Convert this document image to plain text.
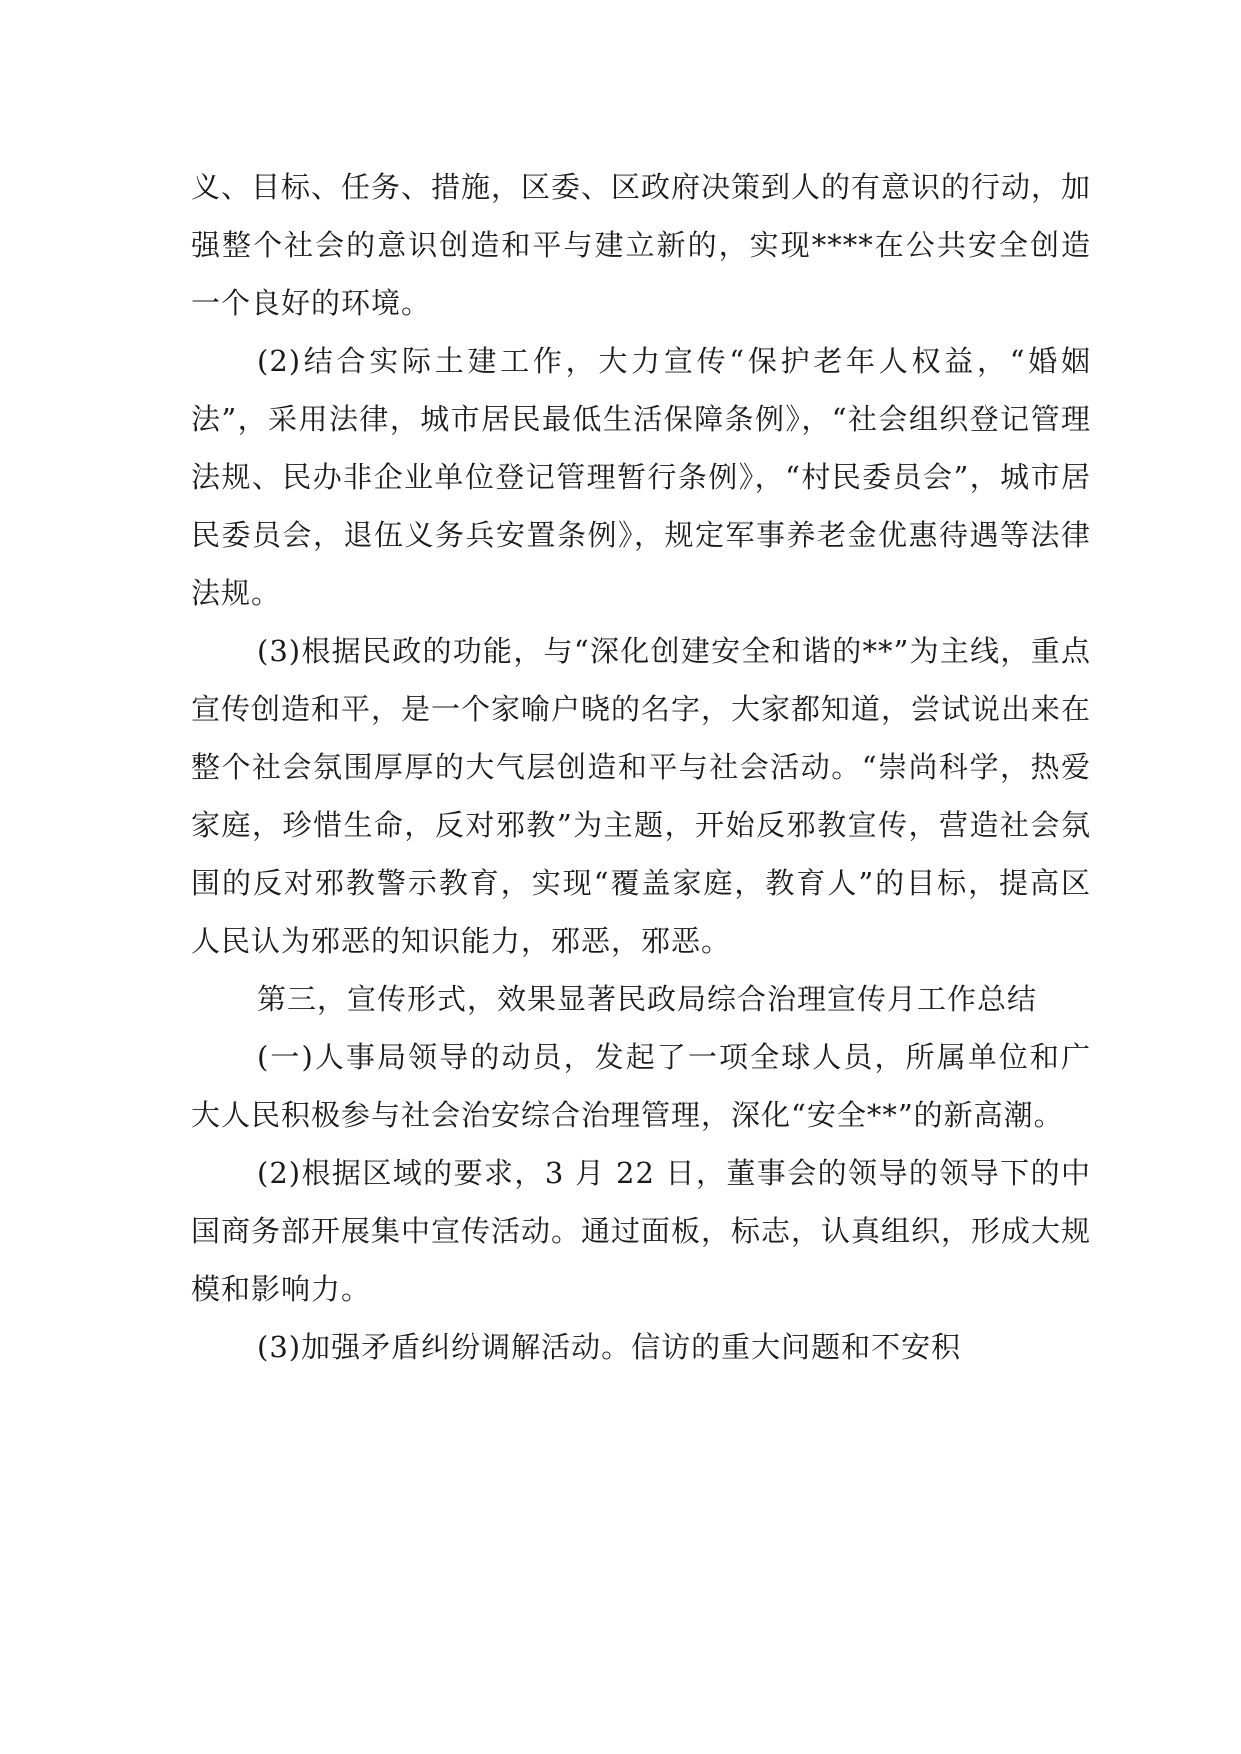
义、目标、任务、措施，区委、区政府决策到人的有意识的行动，加强整个社会的意识创造和平与建立新的，实现****在公共安全创造一个良好的环境。

(2)结合实际土建工作，大力宣传“保护老年人权益，“婚姻法”，采用法律，城市居民最低生活保障条例》，“社会组织登记管理法规、民办非企业单位登记管理暂行条例》，“村民委员会”，城市居民委员会，退伍义务兵安置条例》，规定军事养老金优惠待遇等法律法规。

(3)根据民政的功能，与“深化创建安全和谐的**”为主线，重点宣传创造和平，是一个家喻户晓的名字，大家都知道，尝试说出来在整个社会氛围厚厚的大气层创造和平与社会活动。“崇尚科学，热爱家庭，珍惜生命，反对邪教”为主题，开始反邪教宣传，营造社会氛围的反对邪教警示教育，实现“覆盖家庭，教育人”的目标，提高区人民认为邪恶的知识能力，邪恶，邪恶。

第三，宣传形式，效果显著民政局综合治理宣传月工作总结

(一)人事局领导的动员，发起了一项全球人员，所属单位和广大人民积极参与社会治安综合治理管理，深化“安全**”的新高潮。

(2)根据区域的要求，3 月 22 日，董事会的领导的领导下的中国商务部开展集中宣传活动。通过面板，标志，认真组织，形成大规模和影响力。

(3)加强矛盾纠纷调解活动。信访的重大问题和不安积
